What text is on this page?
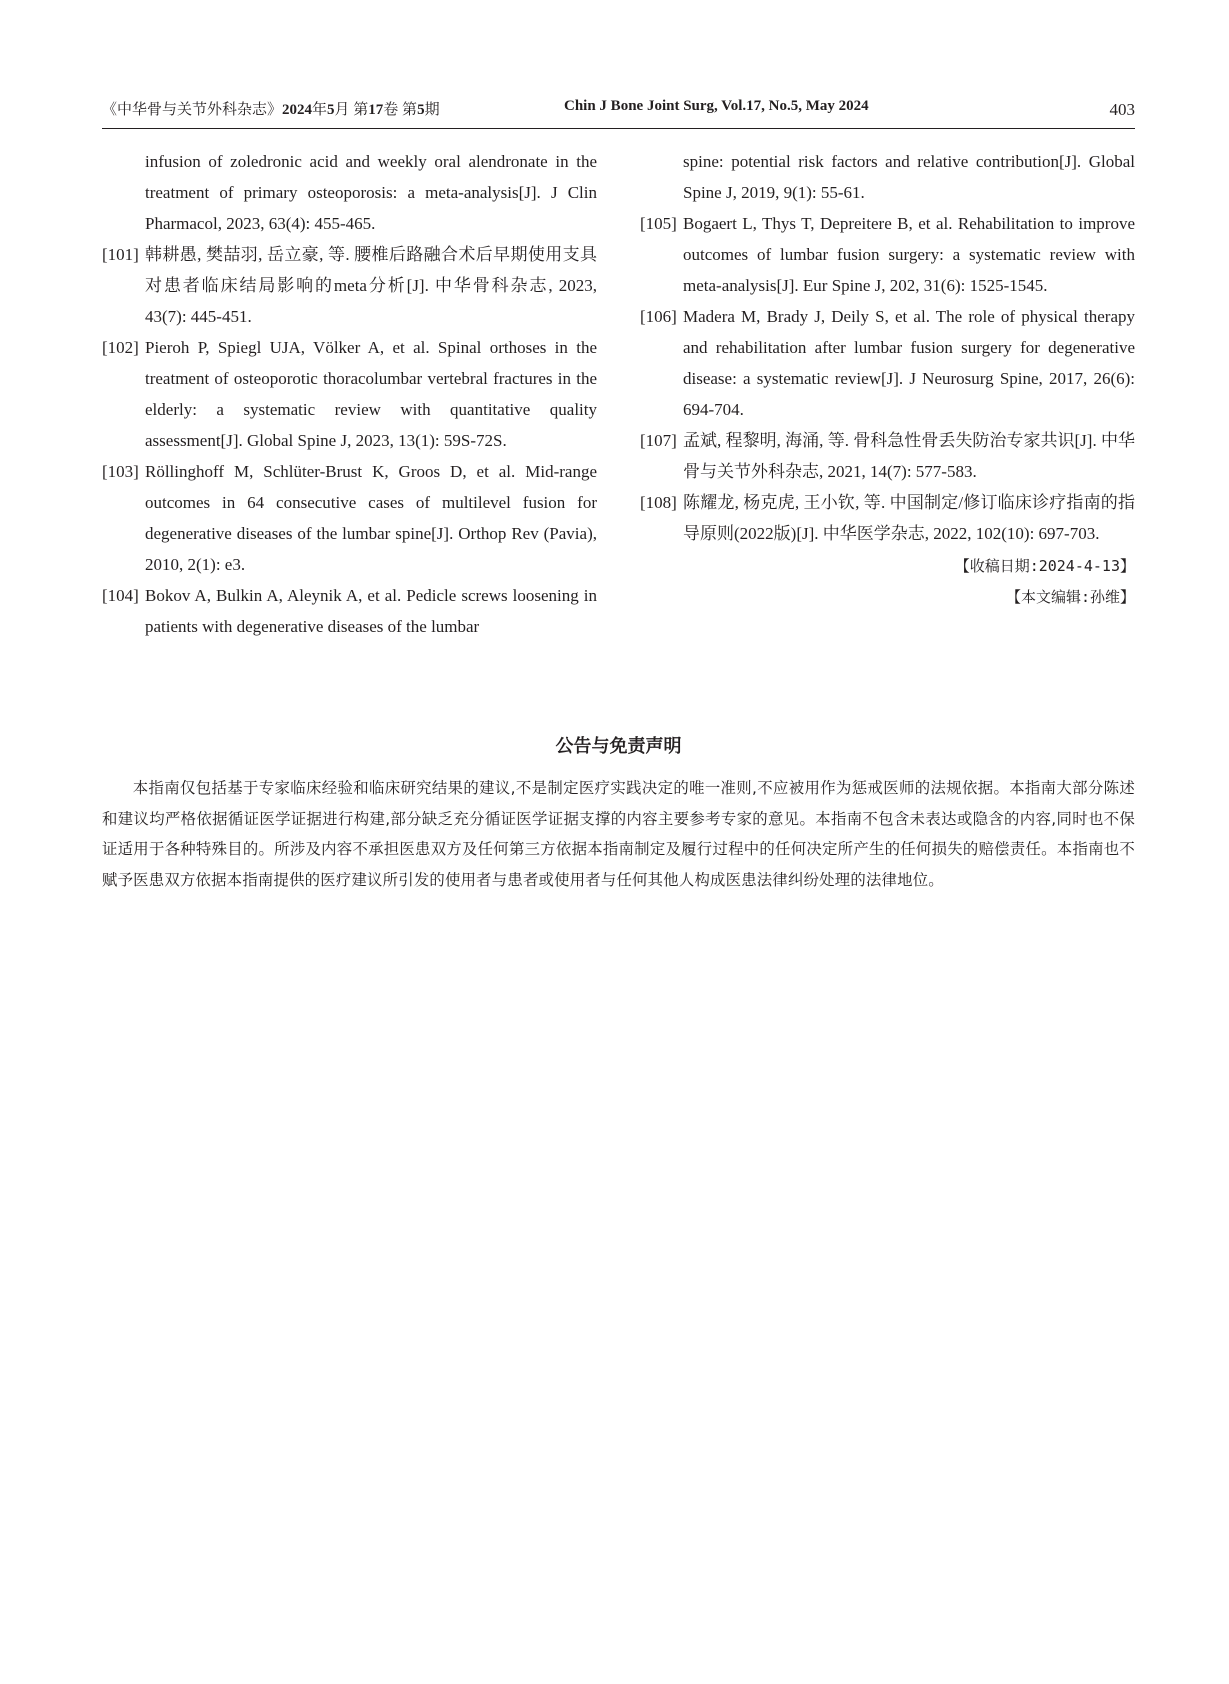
《中华骨与关节外科杂志》2024年5月 第17卷 第5期	Chin J Bone Joint Surg, Vol.17, No.5, May 2024	403

infusion of zoledronic acid and weekly oral alendronate in the treatment of primary osteoporosis: a meta-analysis[J]. J Clin Pharmacol, 2023, 63(4): 455-465.

[101] 韩耕愚, 樊喆羽, 岳立豪, 等. 腰椎后路融合术后早期使用支具对患者临床结局影响的meta分析[J]. 中华骨科杂志, 2023, 43(7): 445-451.

[102] Pieroh P, Spiegl UJA, Völker A, et al. Spinal orthoses in the treatment of osteoporotic thoracolumbar vertebral fractures in the elderly: a systematic review with quantitative quality assessment[J]. Global Spine J, 2023, 13(1): 59S-72S.

[103] Röllinghoff M, Schlüter-Brust K, Groos D, et al. Mid-range outcomes in 64 consecutive cases of multilevel fusion for degenerative diseases of the lumbar spine[J]. Orthop Rev (Pavia), 2010, 2(1): e3.

[104] Bokov A, Bulkin A, Aleynik A, et al. Pedicle screws loosening in patients with degenerative diseases of the lumbar

spine: potential risk factors and relative contribution[J]. Global Spine J, 2019, 9(1): 55-61.

[105] Bogaert L, Thys T, Depreitere B, et al. Rehabilitation to improve outcomes of lumbar fusion surgery: a systematic review with meta-analysis[J]. Eur Spine J, 202, 31(6): 1525-1545.

[106] Madera M, Brady J, Deily S, et al. The role of physical therapy and rehabilitation after lumbar fusion surgery for degenerative disease: a systematic review[J]. J Neurosurg Spine, 2017, 26(6): 694-704.

[107] 孟斌, 程黎明, 海涌, 等. 骨科急性骨丢失防治专家共识[J]. 中华骨与关节外科杂志, 2021, 14(7): 577-583.

[108] 陈耀龙, 杨克虎, 王小钦, 等. 中国制定/修订临床诊疗指南的指导原则(2022版)[J]. 中华医学杂志, 2022, 102(10): 697-703.

【收稿日期:2024-4-13】
【本文编辑:孙维】
公告与免责声明
本指南仅包括基于专家临床经验和临床研究结果的建议,不是制定医疗实践决定的唯一准则,不应被用作为惩戒医师的法规依据。本指南大部分陈述和建议均严格依据循证医学证据进行构建,部分缺乏充分循证医学证据支撑的内容主要参考专家的意见。本指南不包含未表达或隐含的内容,同时也不保证适用于各种特殊目的。所涉及内容不承担医患双方及任何第三方依据本指南制定及履行过程中的任何决定所产生的任何损失的赔偿责任。本指南也不赋予医患双方依据本指南提供的医疗建议所引发的使用者与患者或使用者与任何其他人构成医患法律纠纷处理的法律地位。
